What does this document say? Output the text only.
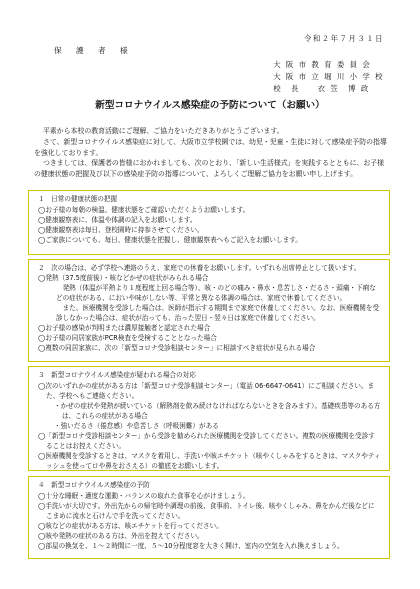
令和２年７月３１日
保 護 者 様
大 阪 市 教 育 委 員 会
大 阪 市 立 堀 川 小 学 校
校　長　　衣 笠　博 政
新型コロナウイルス感染症の予防について（お願い）

平素から本校の教育活動にご理解、ご協力をいただきありがとうございます。

さて、新型コロナウイルス感染症に対して、大阪市立学校園では、幼児・児童・生徒に対して感染症予防の指導を強化しております。

つきましては、保護者の皆様におかれましても、次のとおり、「新しい生活様式」を実践するとともに、お子様の健康状態の把握及び以下の感染症予防の指導について、よろしくご理解ご協力をお願い申し上げます。

１　日常の健康状態の把握
◯お子様の毎朝の検温、健康状態をご確認いただくようお願いします。
◯健康観察表に、体温や体調の記入をお願いします。
◯健康観察表は毎日、登校園時に持参させてください。
◯ご家族についても、毎日、健康状態を把握し、健康観察表へもご記入をお願いします。
２　次の場合は、必ず学校へ連絡のうえ、家庭での休養をお願いします。いずれも出席停止として扱います。
◯発熱（37.5度前後）・咳などかぜの症状がみられる場合
　発熱（体温が平熱より１度程度上回る場合等）、咳・のどの痛み・鼻水・息苦しさ・だるさ・頭痛・下痢などの症状がある、においや味がしない等、平常と異なる体調の場合は、家庭で休養してください。
　また、医療機関を受診した場合は、医師が指示する期間まで家庭で休養してください。なお、医療機関を受診しなかった場合は、症状が治っても、治った翌日・翌々日は家庭で休養してください。
◯お子様の感染が判明または濃厚接触者と認定された場合
◯お子様の同居家族がPCR検査を受検することとなった場合
◯複数の同居家族に、次の「新型コロナ受診相談センター」に相談すべき症状が見られる場合
３　新型コロナウイルス感染症が疑われる場合の対応
◯次のいずれかの症状がある方は「新型コロナ受診相談センター」（電話 06-6647-0641）にご相談ください。また、学校へもご連絡ください。
・かぜの症状や発熱が続いている（解熱剤を飲み続けなければならないときを含みます）。基礎疾患等のある方は、これらの症状がある場合
・強いだるさ（倦怠感）や息苦しさ（呼吸困難）がある
◯「新型コロナ受診相談センター」から受診を勧められた医療機関を受診してください。複数の医療機関を受診することはお控えください。
◯医療機関を受診するときは、マスクを着用し、手洗いや咳エチケット（咳やくしゃみをするときは、マスクやティッシュを使ってロや鼻をおさえる）の徹底をお願いします。
４　新型コロナウイルス感染症の予防
◯十分な睡眠・適度な運動・バランスの取れた食事を心がけましょう。
◯手洗いが大切です。外出先からの帰宅時や調理の前後、食事前、トイレ後、咳やくしゃみ、鼻をかんだ後などにこまめに流水と石けんで手を洗ってください。
◯咳などの症状がある方は、咳エチケットを行ってください。
◯咳や発熱の症状のある方は、外出を控えてください。
◯部屋の換気を、１～２時間に一度、５～10分程度窓を大きく開け、室内の空気を入れ換えましょう。
